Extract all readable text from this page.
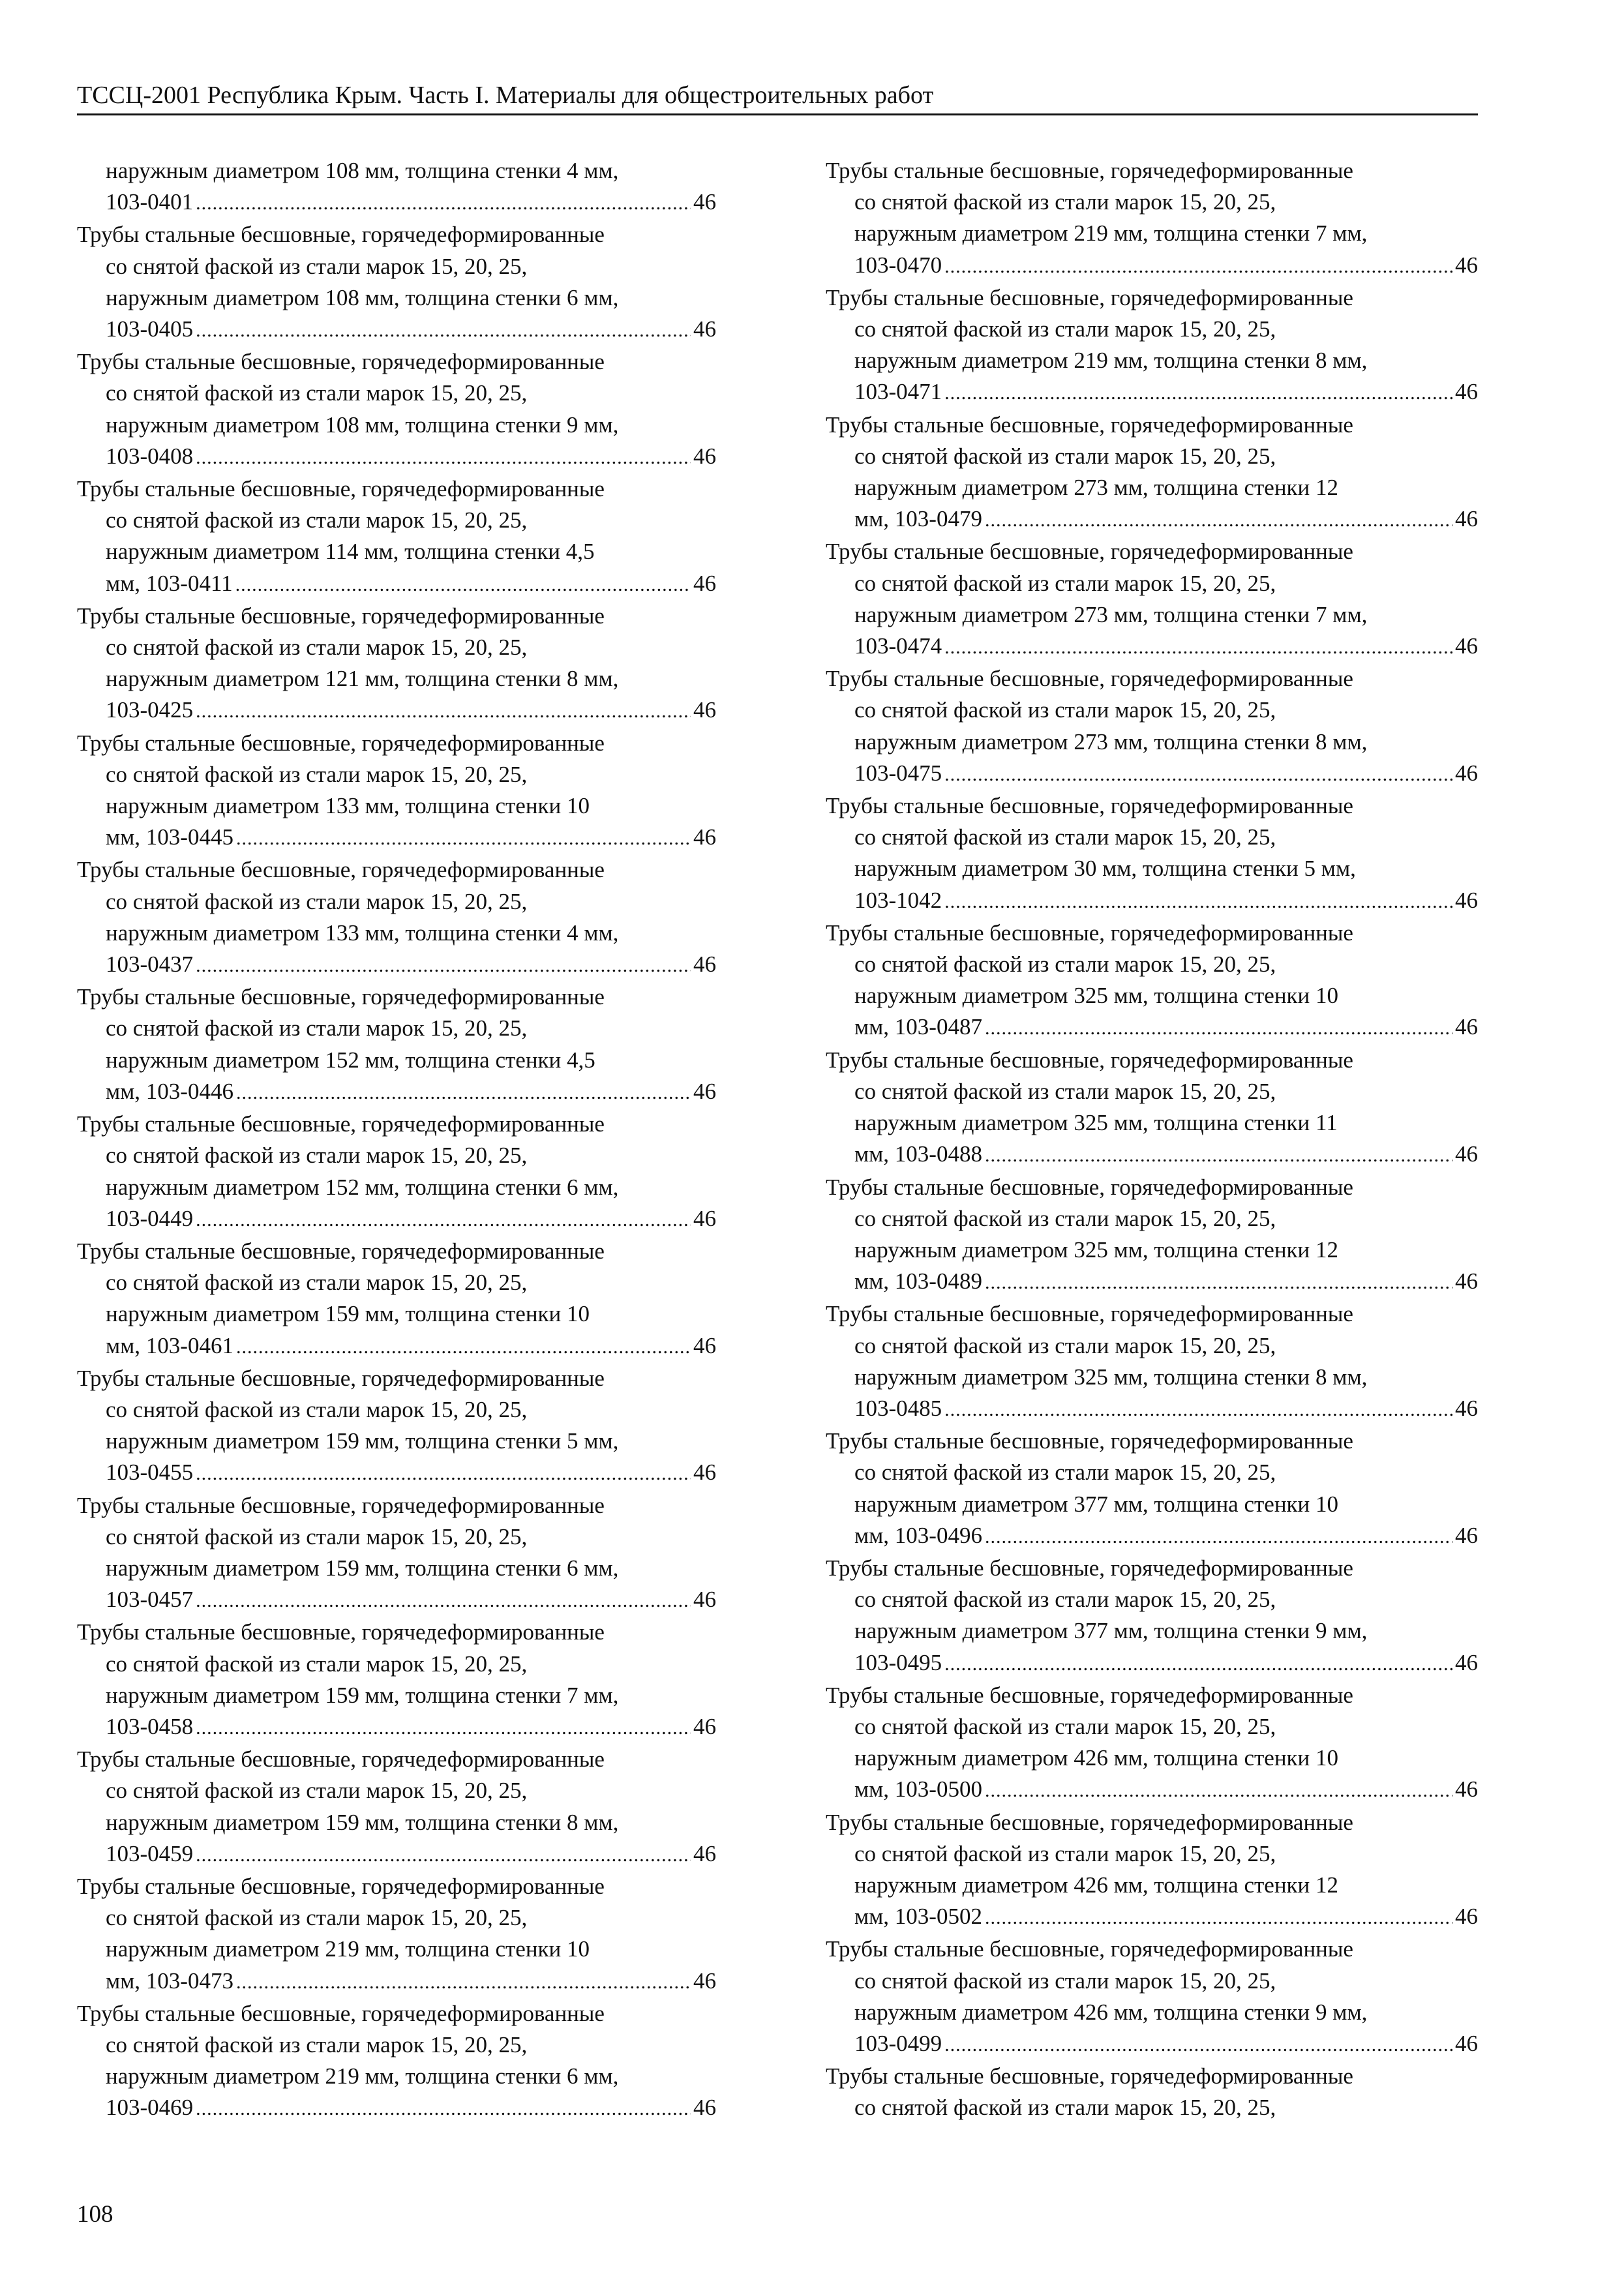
ТССЦ-2001 Республика Крым. Часть I. Материалы для общестроительных работ
наружным диаметром 108 мм, толщина стенки 4 мм,
103-0401 .....	46
Трубы стальные бесшовные, горячедеформированные
со снятой фаской из стали марок 15, 20, 25,
наружным диаметром 108 мм, толщина стенки 6 мм,
103-0405 .....	46
Трубы стальные бесшовные, горячедеформированные
со снятой фаской из стали марок 15, 20, 25,
наружным диаметром 108 мм, толщина стенки 9 мм,
103-0408 .....	46
Трубы стальные бесшовные, горячедеформированные
со снятой фаской из стали марок 15, 20, 25,
наружным диаметром 114 мм, толщина стенки 4,5
мм, 103-0411 .....	46
Трубы стальные бесшовные, горячедеформированные
со снятой фаской из стали марок 15, 20, 25,
наружным диаметром 121 мм, толщина стенки 8 мм,
103-0425 .....	46
Трубы стальные бесшовные, горячедеформированные
со снятой фаской из стали марок 15, 20, 25,
наружным диаметром 133 мм, толщина стенки 10
мм, 103-0445 .....	46
Трубы стальные бесшовные, горячедеформированные
со снятой фаской из стали марок 15, 20, 25,
наружным диаметром 133 мм, толщина стенки 4 мм,
103-0437 .....	46
Трубы стальные бесшовные, горячедеформированные
со снятой фаской из стали марок 15, 20, 25,
наружным диаметром 152 мм, толщина стенки 4,5
мм, 103-0446 .....	46
Трубы стальные бесшовные, горячедеформированные
со снятой фаской из стали марок 15, 20, 25,
наружным диаметром 152 мм, толщина стенки 6 мм,
103-0449 .....	46
Трубы стальные бесшовные, горячедеформированные
со снятой фаской из стали марок 15, 20, 25,
наружным диаметром 159 мм, толщина стенки 10
мм, 103-0461 .....	46
Трубы стальные бесшовные, горячедеформированные
со снятой фаской из стали марок 15, 20, 25,
наружным диаметром 159 мм, толщина стенки 5 мм,
103-0455 .....	46
Трубы стальные бесшовные, горячедеформированные
со снятой фаской из стали марок 15, 20, 25,
наружным диаметром 159 мм, толщина стенки 6 мм,
103-0457 .....	46
Трубы стальные бесшовные, горячедеформированные
со снятой фаской из стали марок 15, 20, 25,
наружным диаметром 159 мм, толщина стенки 7 мм,
103-0458 .....	46
Трубы стальные бесшовные, горячедеформированные
со снятой фаской из стали марок 15, 20, 25,
наружным диаметром 159 мм, толщина стенки 8 мм,
103-0459 .....	46
Трубы стальные бесшовные, горячедеформированные
со снятой фаской из стали марок 15, 20, 25,
наружным диаметром 219 мм, толщина стенки 10
мм, 103-0473 .....	46
Трубы стальные бесшовные, горячедеформированные
со снятой фаской из стали марок 15, 20, 25,
наружным диаметром 219 мм, толщина стенки 6 мм,
103-0469 .....	46
Трубы стальные бесшовные, горячедеформированные
со снятой фаской из стали марок 15, 20, 25,
наружным диаметром 219 мм, толщина стенки 7 мм,
103-0470 .....	46
Трубы стальные бесшовные, горячедеформированные
со снятой фаской из стали марок 15, 20, 25,
наружным диаметром 219 мм, толщина стенки 8 мм,
103-0471 .....	46
Трубы стальные бесшовные, горячедеформированные
со снятой фаской из стали марок 15, 20, 25,
наружным диаметром 273 мм, толщина стенки 12
мм, 103-0479 .....	46
Трубы стальные бесшовные, горячедеформированные
со снятой фаской из стали марок 15, 20, 25,
наружным диаметром 273 мм, толщина стенки 7 мм,
103-0474 .....	46
Трубы стальные бесшовные, горячедеформированные
со снятой фаской из стали марок 15, 20, 25,
наружным диаметром 273 мм, толщина стенки 8 мм,
103-0475 .....	46
Трубы стальные бесшовные, горячедеформированные
со снятой фаской из стали марок 15, 20, 25,
наружным диаметром 30 мм, толщина стенки 5 мм,
103-1042 .....	46
Трубы стальные бесшовные, горячедеформированные
со снятой фаской из стали марок 15, 20, 25,
наружным диаметром 325 мм, толщина стенки 10
мм, 103-0487 .....	46
Трубы стальные бесшовные, горячедеформированные
со снятой фаской из стали марок 15, 20, 25,
наружным диаметром 325 мм, толщина стенки 11
мм, 103-0488 .....	46
Трубы стальные бесшовные, горячедеформированные
со снятой фаской из стали марок 15, 20, 25,
наружным диаметром 325 мм, толщина стенки 12
мм, 103-0489 .....	46
Трубы стальные бесшовные, горячедеформированные
со снятой фаской из стали марок 15, 20, 25,
наружным диаметром 325 мм, толщина стенки 8 мм,
103-0485 .....	46
Трубы стальные бесшовные, горячедеформированные
со снятой фаской из стали марок 15, 20, 25,
наружным диаметром 377 мм, толщина стенки 10
мм, 103-0496 .....	46
Трубы стальные бесшовные, горячедеформированные
со снятой фаской из стали марок 15, 20, 25,
наружным диаметром 377 мм, толщина стенки 9 мм,
103-0495 .....	46
Трубы стальные бесшовные, горячедеформированные
со снятой фаской из стали марок 15, 20, 25,
наружным диаметром 426 мм, толщина стенки 10
мм, 103-0500 .....	46
Трубы стальные бесшовные, горячедеформированные
со снятой фаской из стали марок 15, 20, 25,
наружным диаметром 426 мм, толщина стенки 12
мм, 103-0502 .....	46
Трубы стальные бесшовные, горячедеформированные
со снятой фаской из стали марок 15, 20, 25,
наружным диаметром 426 мм, толщина стенки 9 мм,
103-0499 .....	46
Трубы стальные бесшовные, горячедеформированные
со снятой фаской из стали марок 15, 20, 25,
108
